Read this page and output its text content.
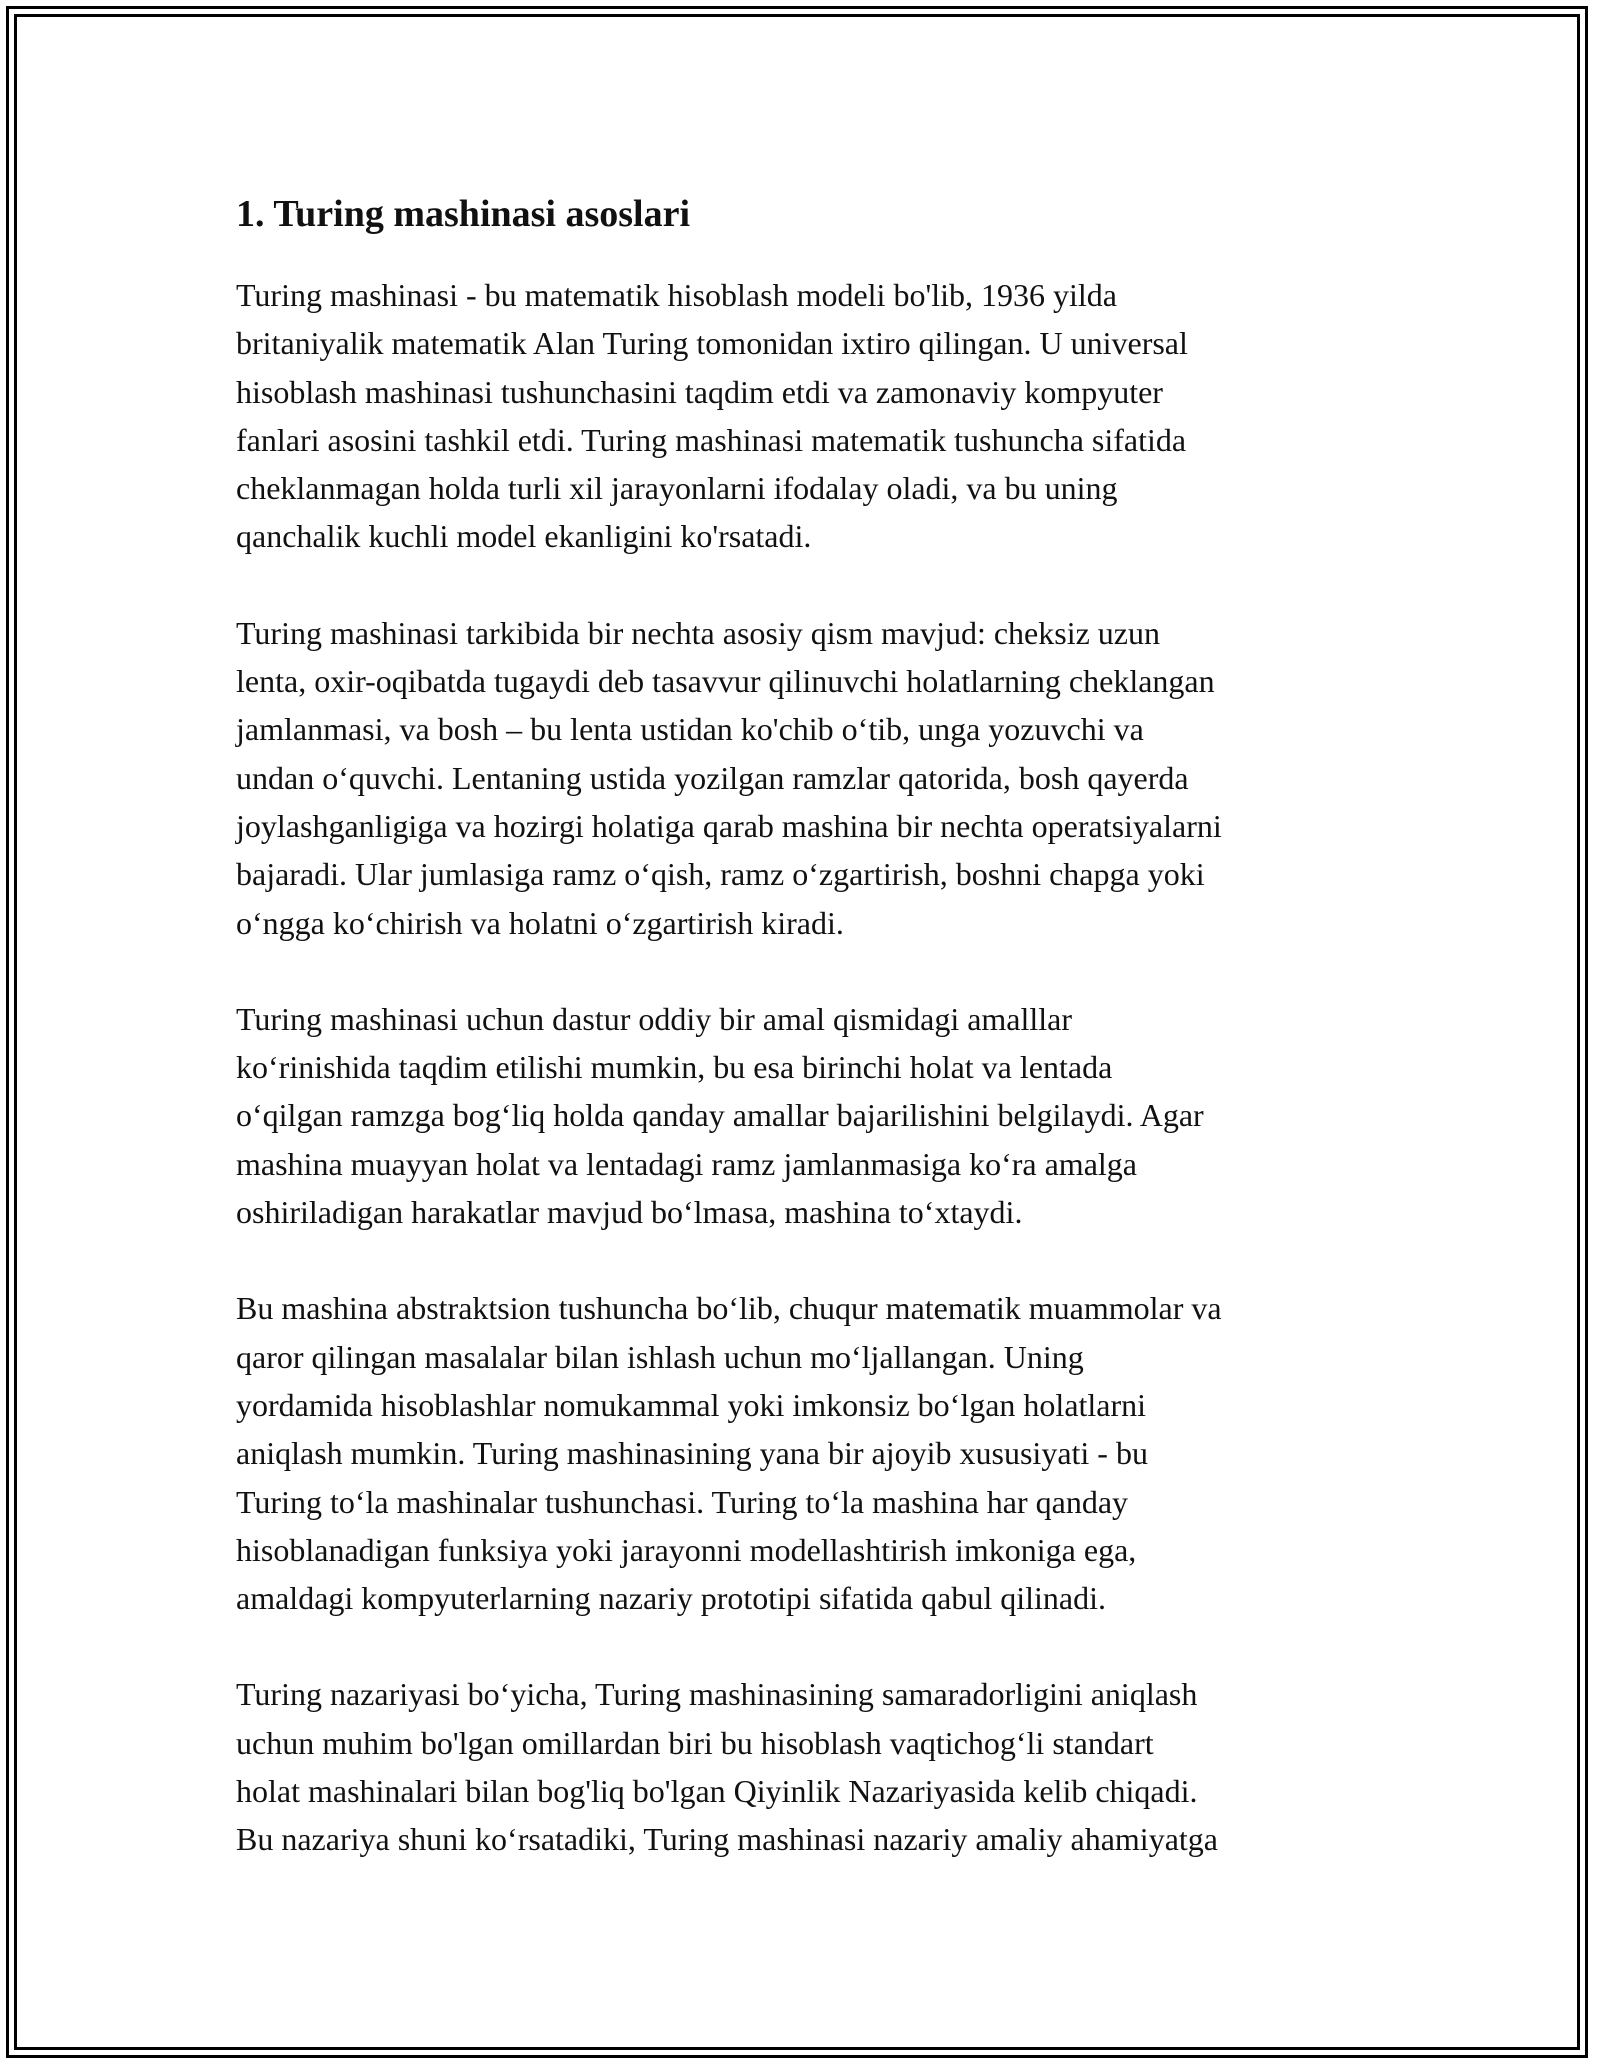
1. Turing mashinasi asoslari

Turing mashinasi - bu matematik hisoblash modeli bo'lib, 1936 yilda
britaniyalik matematik Alan Turing tomonidan ixtiro qilingan. U universal
hisoblash mashinasi tushunchasini taqdim etdi va zamonaviy kompyuter
fanlari asosini tashkil etdi. Turing mashinasi matematik tushuncha sifatida
cheklanmagan holda turli xil jarayonlarni ifodalay oladi, va bu uning
qanchalik kuchli model ekanligini ko'rsatadi.

Turing mashinasi tarkibida bir nechta asosiy qism mavjud: cheksiz uzun
lenta, oxir-oqibatda tugaydi deb tasavvur qilinuvchi holatlarning cheklangan
jamlanmasi, va bosh – bu lenta ustidan ko'chib o‘tib, unga yozuvchi va
undan o‘quvchi. Lentaning ustida yozilgan ramzlar qatorida, bosh qayerda
joylashganligiga va hozirgi holatiga qarab mashina bir nechta operatsiyalarni
bajaradi. Ular jumlasiga ramz o‘qish, ramz o‘zgartirish, boshni chapga yoki
o‘ngga ko‘chirish va holatni o‘zgartirish kiradi.

Turing mashinasi uchun dastur oddiy bir amal qismidagi amalllar
ko‘rinishida taqdim etilishi mumkin, bu esa birinchi holat va lentada
o‘qilgan ramzga bog‘liq holda qanday amallar bajarilishini belgilaydi. Agar
mashina muayyan holat va lentadagi ramz jamlanmasiga ko‘ra amalga
oshiriladigan harakatlar mavjud bo‘lmasa, mashina to‘xtaydi.

Bu mashina abstraktsion tushuncha bo‘lib, chuqur matematik muammolar va
qaror qilingan masalalar bilan ishlash uchun mo‘ljallangan. Uning
yordamida hisoblashlar nomukammal yoki imkonsiz bo‘lgan holatlarni
aniqlash mumkin. Turing mashinasining yana bir ajoyib xususiyati - bu
Turing to‘la mashinalar tushunchasi. Turing to‘la mashina har qanday
hisoblanadigan funksiya yoki jarayonni modellashtirish imkoniga ega,
amaldagi kompyuterlarning nazariy prototipi sifatida qabul qilinadi.

Turing nazariyasi bo‘yicha, Turing mashinasining samaradorligini aniqlash
uchun muhim bo'lgan omillardan biri bu hisoblash vaqtichog‘li standart
holat mashinalari bilan bog'liq bo'lgan Qiyinlik Nazariyasida kelib chiqadi.
Bu nazariya shuni ko‘rsatadiki, Turing mashinasi nazariy amaliy ahamiyatga
